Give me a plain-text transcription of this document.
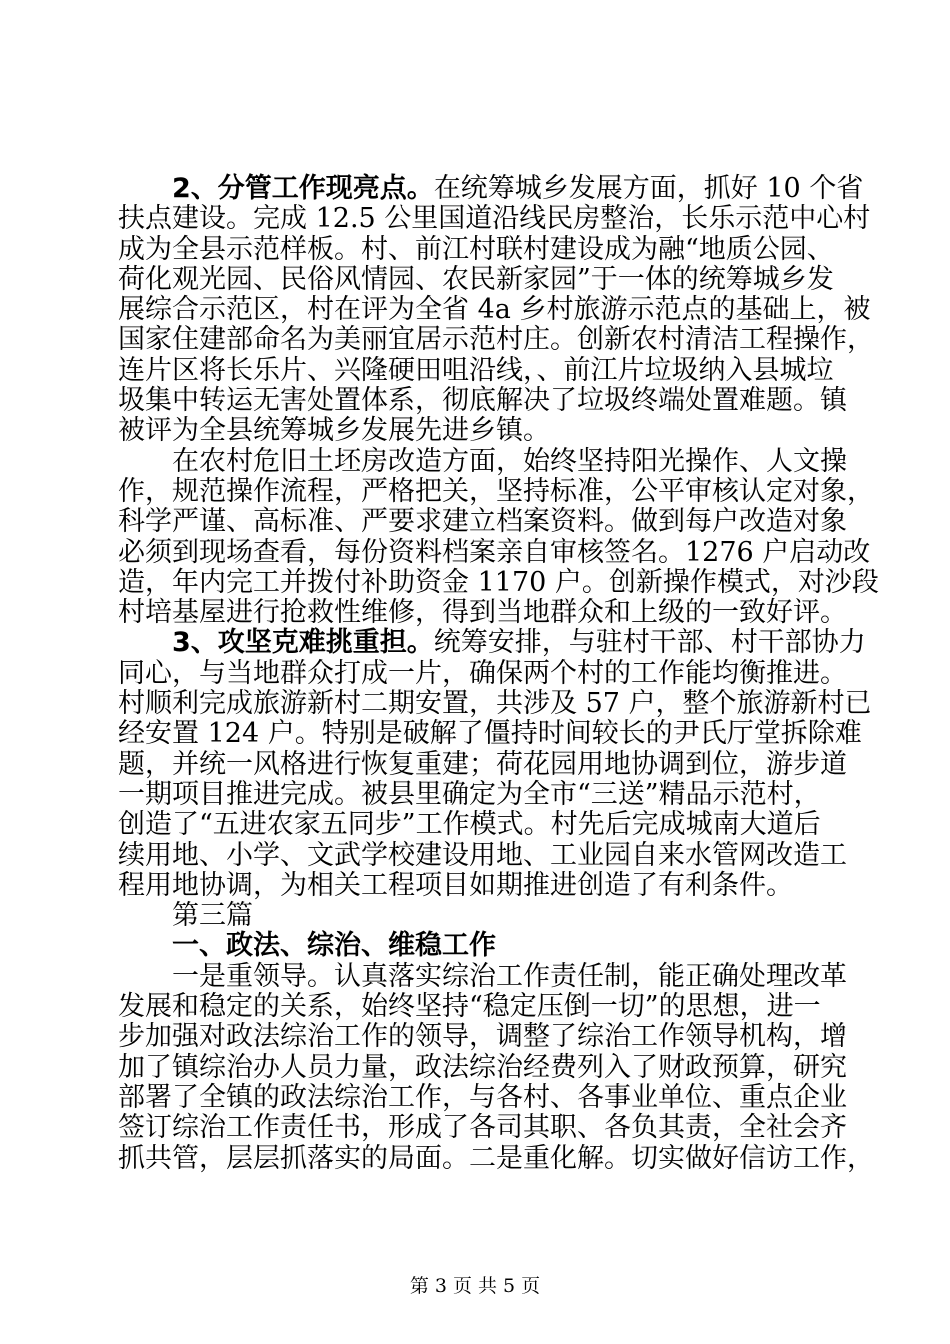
2、分管工作现亮点。在统筹城乡发展方面，抓好 10 个省
扶点建设。完成 12.5 公里国道沿线民房整治，长乐示范中心村
成为全县示范样板。村、前江村联村建设成为融“地质公园、
荷化观光园、民俗风情园、农民新家园”于一体的统筹城乡发
展综合示范区，村在评为全省 4a 乡村旅游示范点的基础上，被
国家住建部命名为美丽宜居示范村庄。创新农村清洁工程操作，
连片区将长乐片、兴隆硬田咀沿线，、前江片垃圾纳入县城垃
圾集中转运无害处置体系，彻底解决了垃圾终端处置难题。镇
被评为全县统筹城乡发展先进乡镇。
在农村危旧土坯房改造方面，始终坚持阳光操作、人文操
作，规范操作流程，严格把关，坚持标准，公平审核认定对象，
科学严谨、高标准、严要求建立档案资料。做到每户改造对象
必须到现场查看，每份资料档案亲自审核签名。1276 户启动改
造，年内完工并拨付补助资金 1170 户。创新操作模式，对沙段
村培基屋进行抢救性维修，得到当地群众和上级的一致好评。
3、攻坚克难挑重担。统筹安排，与驻村干部、村干部协力
同心，与当地群众打成一片，确保两个村的工作能均衡推进。
村顺利完成旅游新村二期安置，共涉及 57 户，整个旅游新村已
经安置 124 户。特别是破解了僵持时间较长的尹氏厅堂拆除难
题，并统一风格进行恢复重建；荷花园用地协调到位，游步道
一期项目推进完成。被县里确定为全市“三送”精品示范村，
创造了“五进农家五同步”工作模式。村先后完成城南大道后
续用地、小学、文武学校建设用地、工业园自来水管网改造工
程用地协调，为相关工程项目如期推进创造了有利条件。
第三篇
一、政法、综治、维稳工作
一是重领导。认真落实综治工作责任制，能正确处理改革
发展和稳定的关系，始终坚持“稳定压倒一切”的思想，进一
步加强对政法综治工作的领导，调整了综治工作领导机构，增
加了镇综治办人员力量，政法综治经费列入了财政预算，研究
部署了全镇的政法综治工作，与各村、各事业单位、重点企业
签订综治工作责任书，形成了各司其职、各负其责，全社会齐
抓共管，层层抓落实的局面。二是重化解。切实做好信访工作，
第 3 页 共 5 页
